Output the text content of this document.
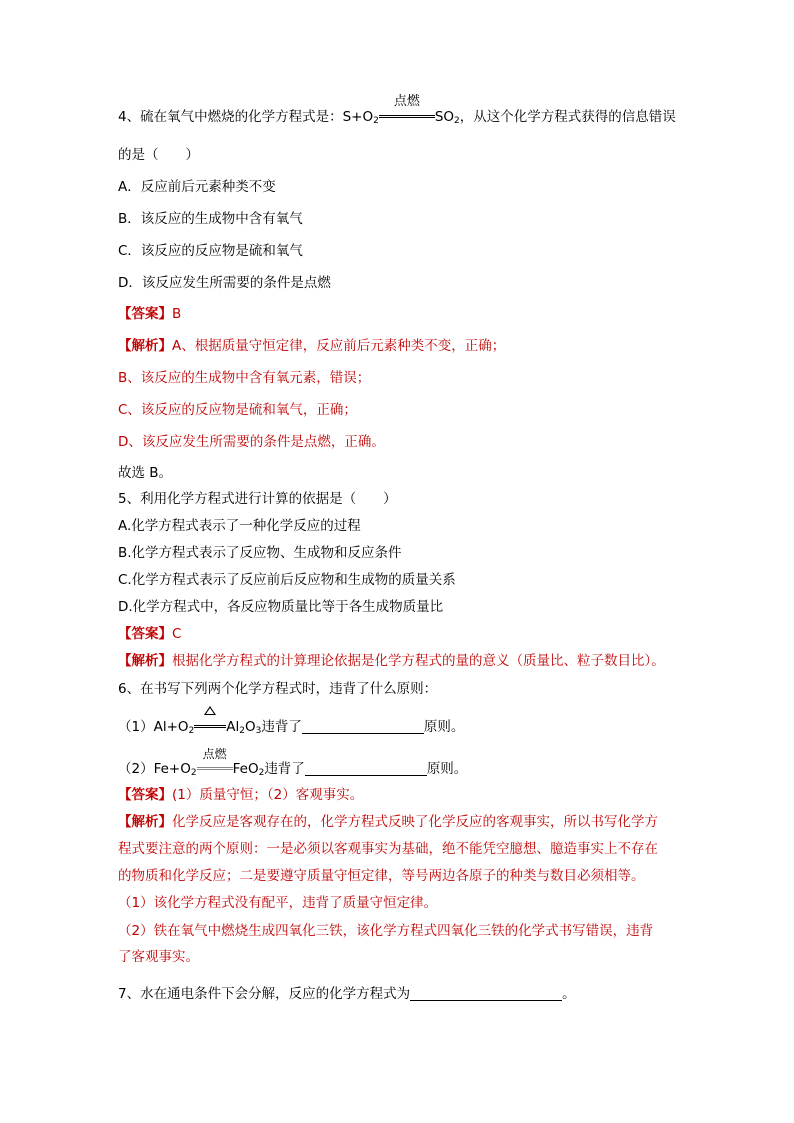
4、硫在氧气中燃烧的化学方程式是：$S+O_2$
点燃
$SO_2$，从这个化学方程式获得的信息错误
的是（　　）
A．反应前后元素种类不变
B．该反应的生成物中含有氧气
C．该反应的反应物是硫和氧气
D．该反应发生所需要的条件是点燃
【答案】B
【解析】A、根据质量守恒定律，反应前后元素种类不变，正确；
B、该反应的生成物中含有氧元素，错误；
C、该反应的反应物是硫和氧气，正确；
D、该反应发生所需要的条件是点燃，正确。
故选 B。
5、利用化学方程式进行计算的依据是（　　）
A.化学方程式表示了一种化学反应的过程
B.化学方程式表示了反应物、生成物和反应条件
C.化学方程式表示了反应前后反应物和生成物的质量关系
D.化学方程式中，各反应物质量比等于各生成物质量比
【答案】C
【解析】根据化学方程式的计算理论依据是化学方程式的量的意义（质量比、粒子数目比）。
6、在书写下列两个化学方程式时，违背了什么原则：
$(1)Al+O_2$ $Al_2O_3$违背了	原则。
$(2)Fe+O_2$
点燃
FeO$_2$违背了	原则。
【答案】(1）质量守恒；（2）客观事实。
【解析】化学反应是客观存在的，化学方程式反映了化学反应的客观事实，所以书写化学方
程式要注意的两个原则：一是必须以客观事实为基础，绝不能凭空臆想、臆造事实上不存在
的物质和化学反应；二是要遵守质量守恒定律，等号两边各原子的种类与数目必须相等。
（1）该化学方程式没有配平，违背了质量守恒定律。
（2）铁在氧气中燃烧生成四氧化三铁，该化学方程式四氧化三铁的化学式书写错误，违背
了客观事实。
7、水在通电条件下会分解，反应的化学方程式为	。
